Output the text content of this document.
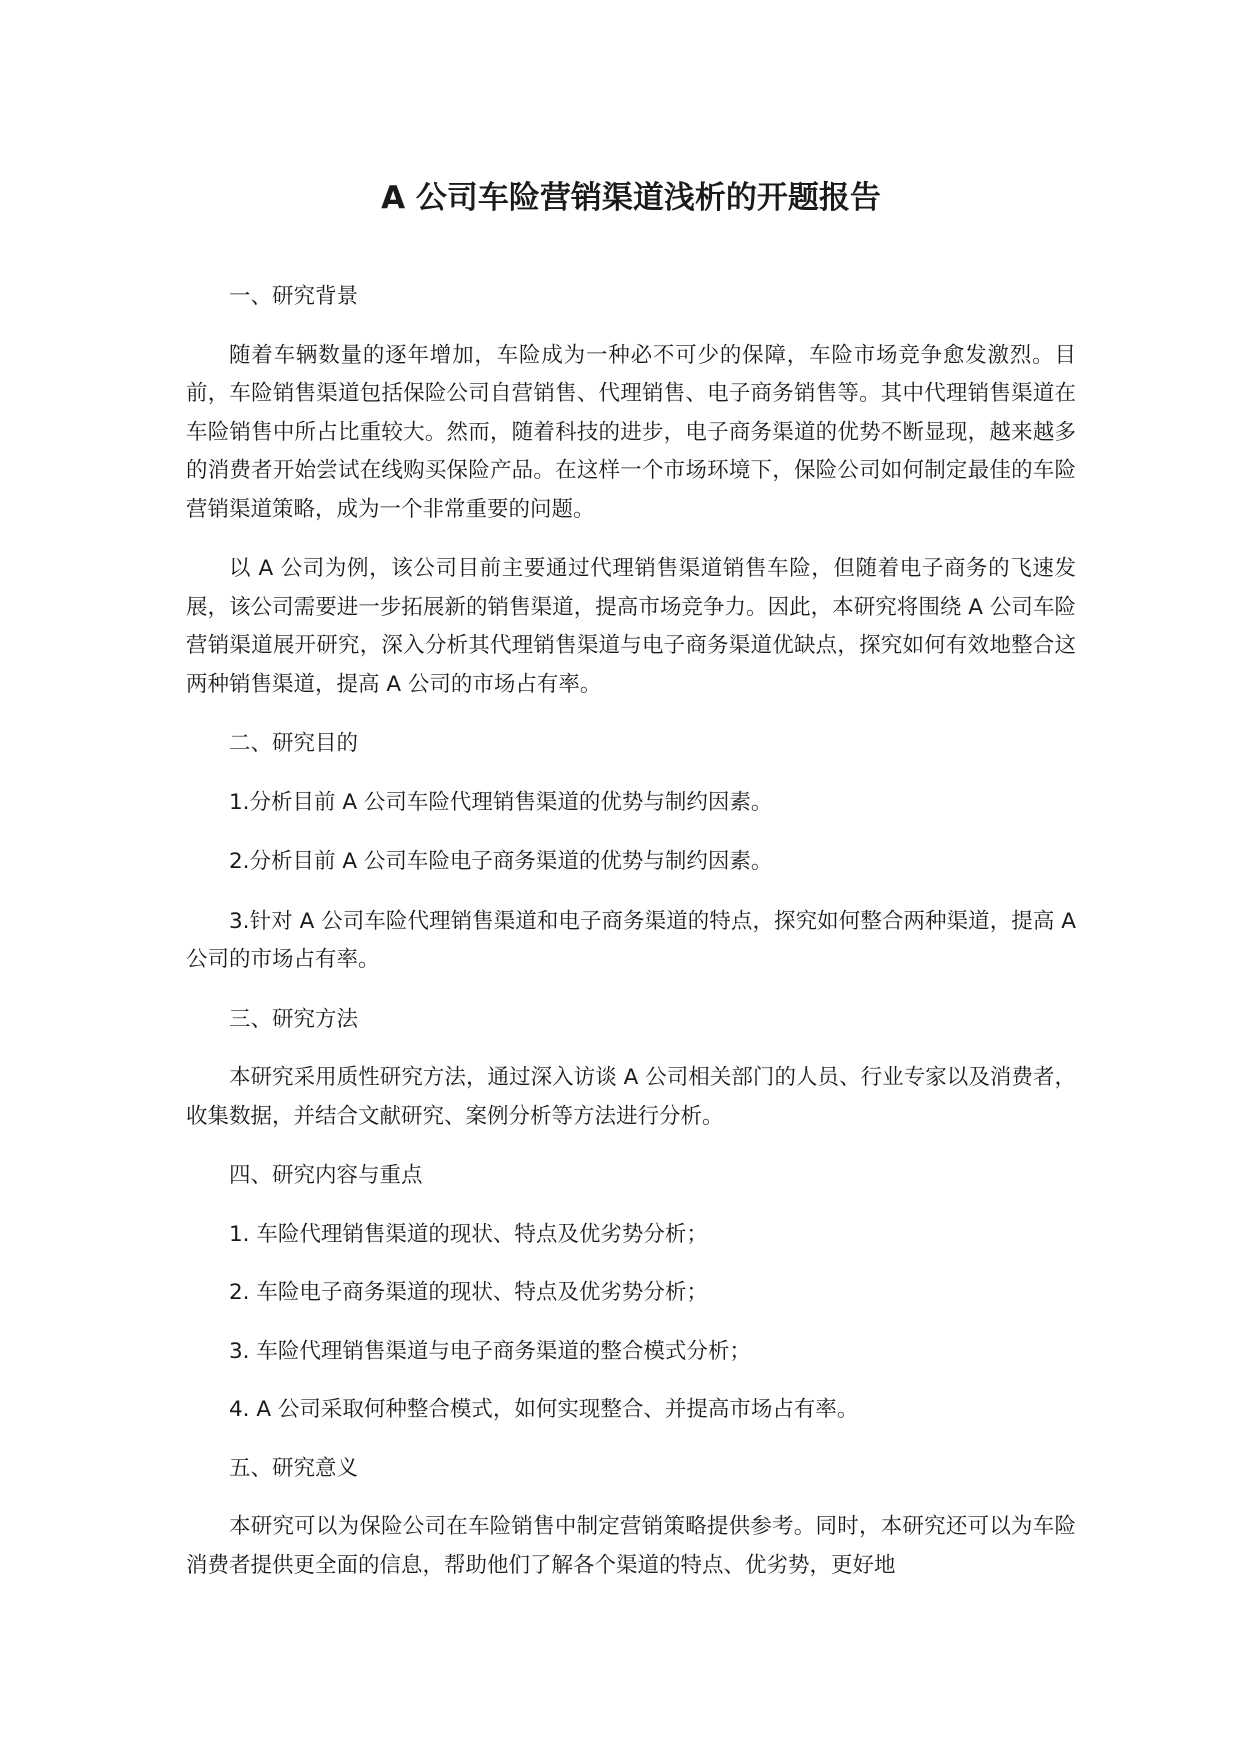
A 公司车险营销渠道浅析的开题报告
一、研究背景

随着车辆数量的逐年增加，车险成为一种必不可少的保障，车险市场竞争愈发激烈。目前，车险销售渠道包括保险公司自营销售、代理销售、电子商务销售等。其中代理销售渠道在车险销售中所占比重较大。然而，随着科技的进步，电子商务渠道的优势不断显现，越来越多的消费者开始尝试在线购买保险产品。在这样一个市场环境下，保险公司如何制定最佳的车险营销渠道策略，成为一个非常重要的问题。

以 A 公司为例，该公司目前主要通过代理销售渠道销售车险，但随着电子商务的飞速发展，该公司需要进一步拓展新的销售渠道，提高市场竞争力。因此，本研究将围绕 A 公司车险营销渠道展开研究，深入分析其代理销售渠道与电子商务渠道优缺点，探究如何有效地整合这两种销售渠道，提高 A 公司的市场占有率。

二、研究目的

1.分析目前 A 公司车险代理销售渠道的优势与制约因素。

2.分析目前 A 公司车险电子商务渠道的优势与制约因素。

3.针对 A 公司车险代理销售渠道和电子商务渠道的特点，探究如何整合两种渠道，提高 A 公司的市场占有率。

三、研究方法

本研究采用质性研究方法，通过深入访谈 A 公司相关部门的人员、行业专家以及消费者，收集数据，并结合文献研究、案例分析等方法进行分析。

四、研究内容与重点
1. 车险代理销售渠道的现状、特点及优劣势分析；
2. 车险电子商务渠道的现状、特点及优劣势分析；
3. 车险代理销售渠道与电子商务渠道的整合模式分析；
4. A 公司采取何种整合模式，如何实现整合、并提高市场占有率。
五、研究意义

本研究可以为保险公司在车险销售中制定营销策略提供参考。同时，本研究还可以为车险消费者提供更全面的信息，帮助他们了解各个渠道的特点、优劣势，更好地
